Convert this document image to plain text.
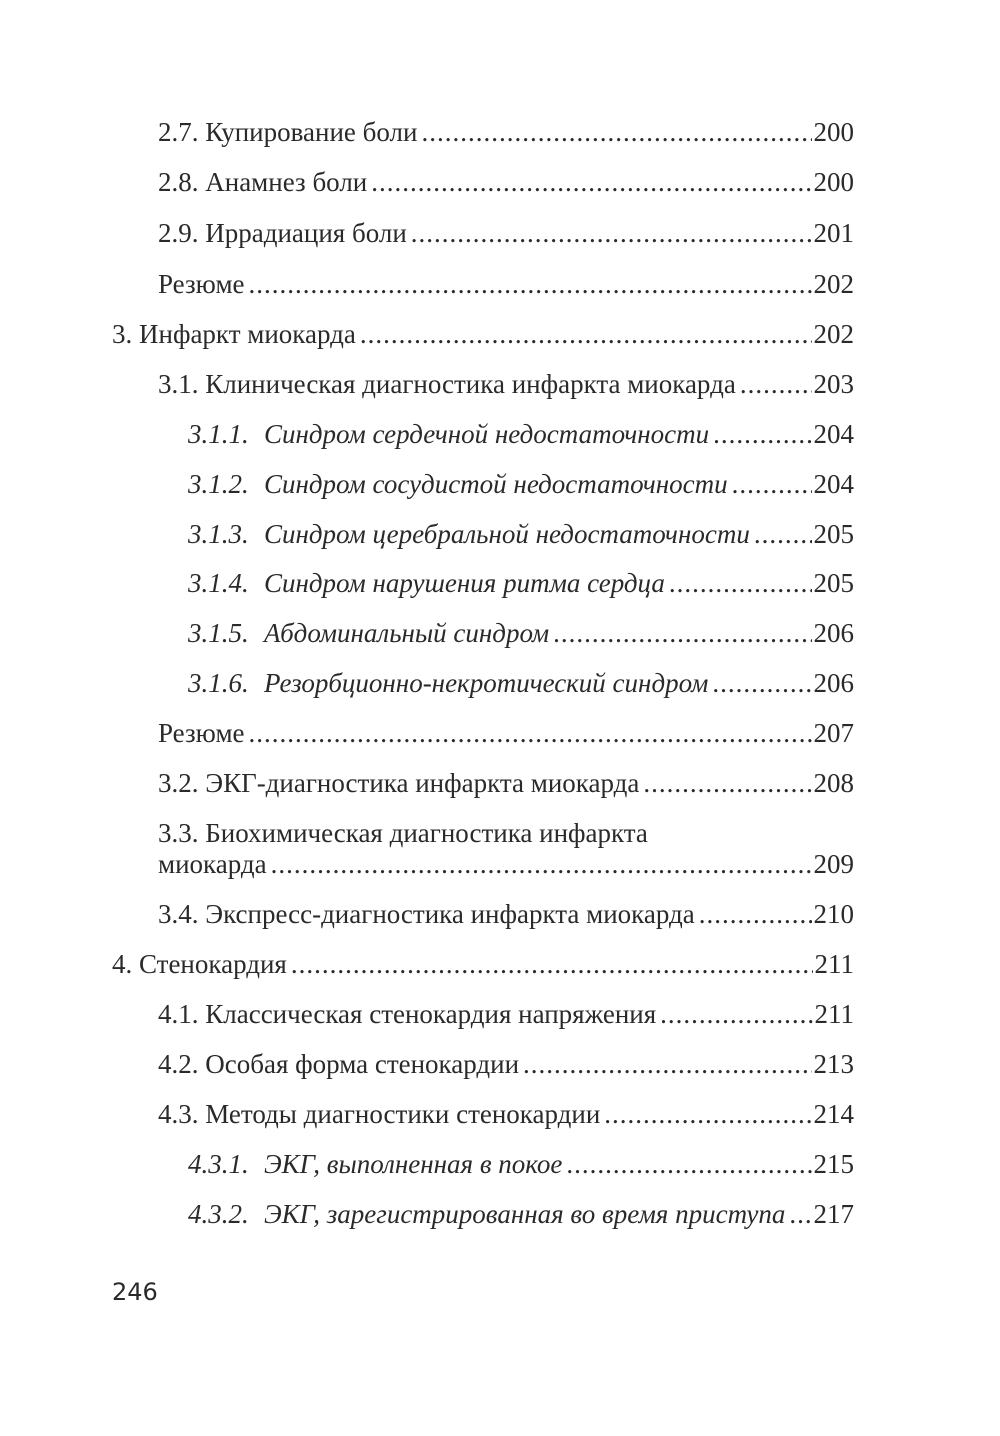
2.7. Купирование боли .....	200
2.8. Анамнез боли .....	200
2.9. Иррадиация боли .....	201
Резюме .....	202
3. Инфаркт миокарда .....	202
3.1. Клиническая диагностика инфаркта миокарда .....	203
3.1.1. Синдром сердечной недостаточности .....	204
3.1.2. Синдром сосудистой недостаточности .....	204
3.1.3. Синдром церебральной недостаточности ..... 205
3.1.4. Синдром нарушения ритма сердца .....	205
3.1.5. Абдоминальный синдром .....	206
3.1.6. Резорбционно-некротический синдром .....	206
Резюме .....	207
3.2. ЭКГ-диагностика инфаркта миокарда .....	208
3.3. Биохимическая диагностика инфаркта
миокарда .....	209
3.4. Экспресс-диагностика инфаркта миокарда .....	210
4. Стенокардия .....	211
4.1. Классическая стенокардия напряжения .....	211
4.2. Особая форма стенокардии .....	213
4.3. Методы диагностики стенокардии .....	214
4.3.1. ЭКГ, выполненная в покое .....	215
4.3.2. ЭКГ, зарегистрированная во время приступа ..... 217
246
